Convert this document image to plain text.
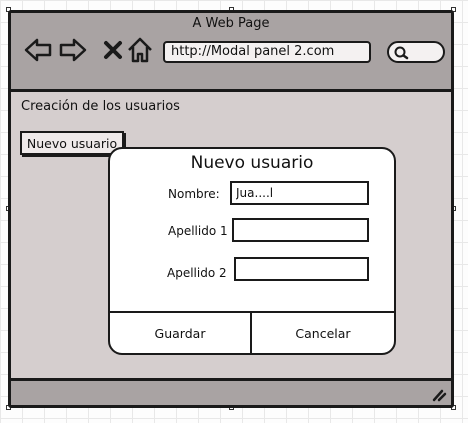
A Web Page
http://Modal panel 2.com
Creación de los usuarios
Nuevo usuario
Nuevo usuario
Nombre:
Jua....l
Apellido 1
Apellido 2
Guardar	Cancelar
